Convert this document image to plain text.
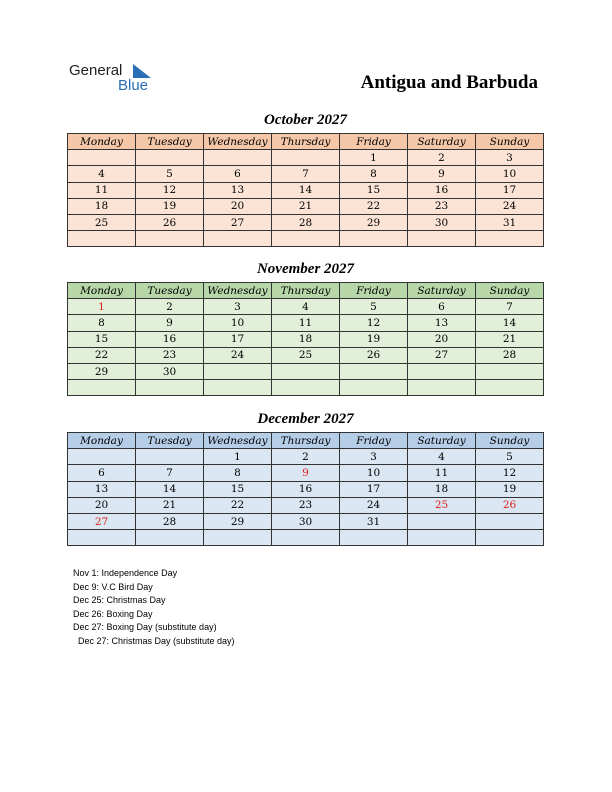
General
Blue	Antigua and Barbuda
October 2027
Monday	Tuesday	Wednesday	Thursday	Friday	Saturday	Sunday
				1	2	3
4	5	6	7	8	9	10
11	12	13	14	15	16	17
18	19	20	21	22	23	24
25	26	27	28	29	30	31

November 2027
Monday	Tuesday	Wednesday	Thursday	Friday	Saturday	Sunday
1	2	3	4	5	6	7
8	9	10	11	12	13	14
15	16	17	18	19	20	21
22	23	24	25	26	27	28
29	30					

December 2027
Monday	Tuesday	Wednesday	Thursday	Friday	Saturday	Sunday
		1	2	3	4	5
6	7	8	9	10	11	12
13	14	15	16	17	18	19
20	21	22	23	24	25	26
27	28	29	30	31		

Nov 1: Independence Day
Dec 9: V.C Bird Day
Dec 25: Christmas Day
Dec 26: Boxing Day
Dec 27: Boxing Day (substitute day)
Dec 27: Christmas Day (substitute day)
